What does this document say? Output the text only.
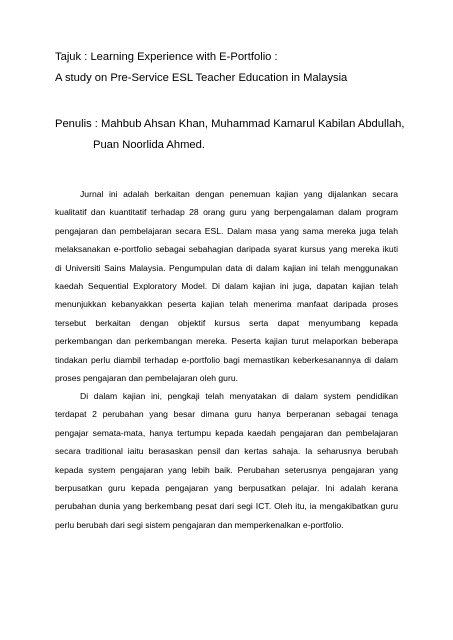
Tajuk : Learning Experience with E-Portfolio :
A study on Pre-Service ESL Teacher Education in Malaysia
Penulis : Mahbub Ahsan Khan, Muhammad Kamarul Kabilan Abdullah,
Puan Noorlida Ahmed.
Jurnal ini adalah berkaitan dengan penemuan kajian yang dijalankan secara kualitatif dan kuantitatif terhadap 28 orang guru yang berpengalaman dalam program pengajaran dan pembelajaran secara ESL. Dalam masa yang sama mereka juga telah melaksanakan e-portfolio sebagai sebahagian daripada syarat kursus yang mereka ikuti di Universiti Sains Malaysia. Pengumpulan data di dalam kajian ini telah menggunakan kaedah Sequential Exploratory Model. Di dalam kajian ini juga, dapatan kajian telah menunjukkan kebanyakkan peserta kajian telah menerima manfaat daripada proses tersebut berkaitan dengan objektif kursus serta dapat menyumbang kepada perkembangan dan perkembangan mereka. Peserta kajian turut melaporkan beberapa tindakan perlu diambil terhadap e-portfolio bagi memastikan keberkesanannya di dalam proses pengajaran dan pembelajaran oleh guru.
Di dalam kajian ini, pengkaji telah menyatakan di dalam system pendidikan terdapat 2 perubahan yang besar dimana guru hanya berperanan sebagai tenaga pengajar semata-mata, hanya tertumpu kepada kaedah pengajaran dan pembelajaran secara traditional iaitu berasaskan pensil dan kertas sahaja. Ia seharusnya berubah kepada system pengajaran yang lebih baik. Perubahan seterusnya pengajaran yang berpusatkan guru kepada pengajaran yang berpusatkan pelajar. Ini adalah kerana perubahan dunia yang berkembang pesat dari segi ICT. Oleh itu, ia mengakibatkan guru perlu berubah dari segi sistem pengajaran dan memperkenalkan e-portfolio.
